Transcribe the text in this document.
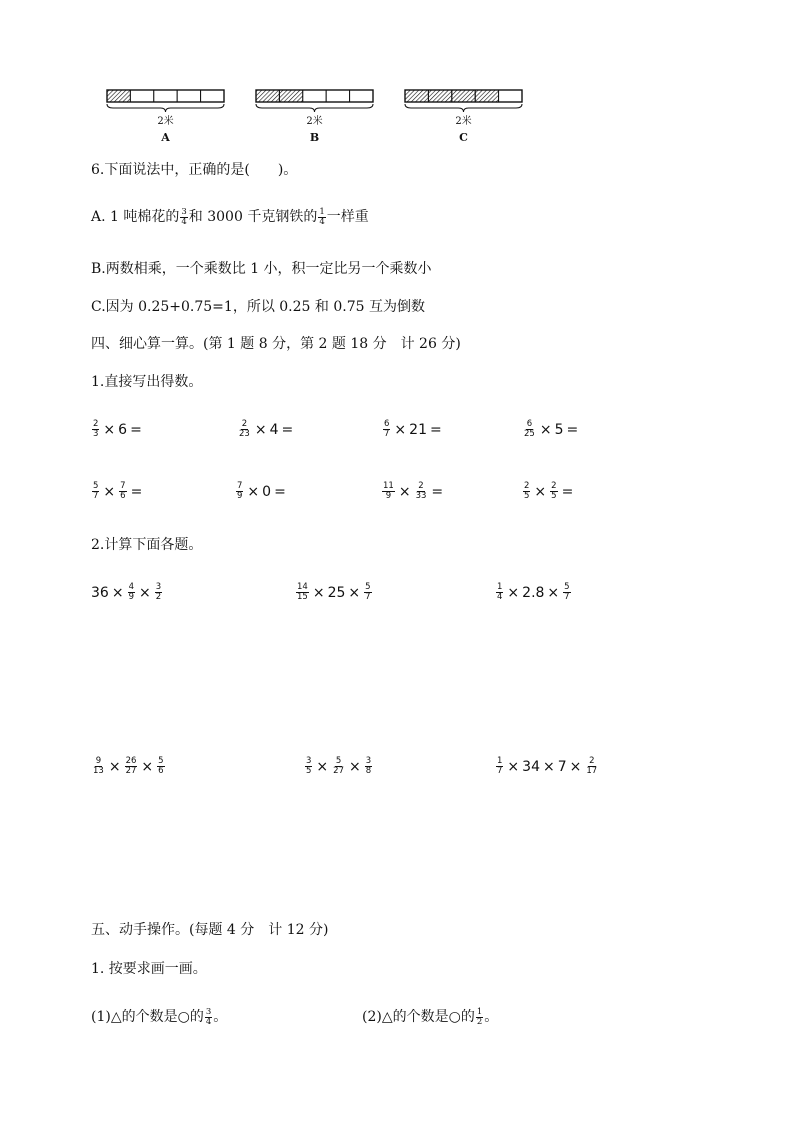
2米
A
2米
B
2米
C
6.下面说法中，正确的是(　　)。
A. 1 吨棉花的 $\frac{3}{4}$ 和 3000 千克钢铁的 $\frac{1}{4}$ 一样重
B.两数相乘，一个乘数比 1 小，积一定比另一个乘数小
C.因为 0.25+0.75=1，所以 0.25 和 0.75 互为倒数
四、细心算一算。(第 1 题 8 分，第 2 题 18 分　计 26 分)
1.直接写出得数。
$\frac{2}{3} \times 6$ =	$\frac{2}{23} \times 4$ =	$\frac{6}{7} \times 21$ =	$\frac{6}{25} \times 5$ =
$\frac{5}{7} \times \frac{7}{6}$ =	$\frac{7}{9} \times 0$ =	$\frac{11}{9} \times \frac{2}{33}$ =	$\frac{2}{5} \times \frac{2}{5}$ =
2.计算下面各题。
$36 \times \frac{4}{9} \times \frac{3}{2}$	$\frac{14}{15} \times 25 \times \frac{5}{7}$	$\frac{1}{4} \times 2.8 \times \frac{5}{7}$
$\frac{9}{13} \times \frac{26}{27} \times \frac{5}{6}$	$\frac{3}{5} \times \frac{5}{27} \times \frac{3}{8}$	$\frac{1}{7} \times 34 \times 7 \times \frac{2}{17}$
五、动手操作。(每题 4 分　计 12 分)
1. 按要求画一画。
(1)△的个数是○的 $\frac{3}{4}$ 。	(2)△的个数是○的 $\frac{1}{2}$ 。
